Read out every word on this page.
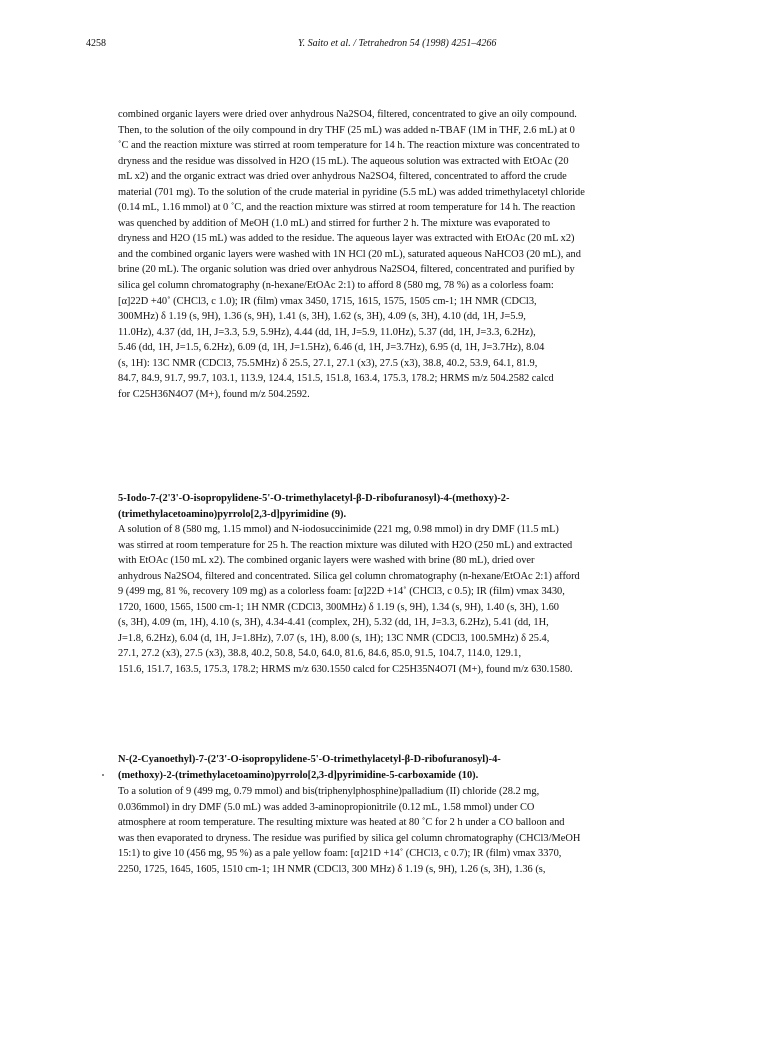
4258	Y. Saito et al. / Tetrahedron 54 (1998) 4251–4266
combined organic layers were dried over anhydrous Na2SO4, filtered, concentrated to give an oily compound.
Then, to the solution of the oily compound in dry THF (25 mL) was added n-TBAF (1M in THF, 2.6 mL) at 0
˚C and the reaction mixture was stirred at room temperature for 14 h. The reaction mixture was concentrated to
dryness and the residue was dissolved in H2O (15 mL). The aqueous solution was extracted with EtOAc (20
mL x2) and the organic extract was dried over anhydrous Na2SO4, filtered, concentrated to afford the crude
material (701 mg). To the solution of the crude material in pyridine (5.5 mL) was added trimethylacetyl chloride
(0.14 mL, 1.16 mmol) at 0 ˚C, and the reaction mixture was stirred at room temperature for 14 h. The reaction
was quenched by addition of MeOH (1.0 mL) and stirred for further 2 h. The mixture was evaporated to
dryness and H2O (15 mL) was added to the residue. The aqueous layer was extracted with EtOAc (20 mL x2)
and the combined organic layers were washed with 1N HCl (20 mL), saturated aqueous NaHCO3 (20 mL), and
brine (20 mL). The organic solution was dried over anhydrous Na2SO4, filtered, concentrated and purified by
silica gel column chromatography (n-hexane/EtOAc 2:1) to afford 8 (580 mg, 78 %) as a colorless foam:
[α]22D +40˚ (CHCl3, c 1.0); IR (film) νmax 3450, 1715, 1615, 1575, 1505 cm-1; 1H NMR (CDCl3,
300MHz) δ 1.19 (s, 9H), 1.36 (s, 9H), 1.41 (s, 3H), 1.62 (s, 3H), 4.09 (s, 3H), 4.10 (dd, 1H, J=5.9,
11.0Hz), 4.37 (dd, 1H, J=3.3, 5.9, 5.9Hz), 4.44 (dd, 1H, J=5.9, 11.0Hz), 5.37 (dd, 1H, J=3.3, 6.2Hz),
5.46 (dd, 1H, J=1.5, 6.2Hz), 6.09 (d, 1H, J=1.5Hz), 6.46 (d, 1H, J=3.7Hz), 6.95 (d, 1H, J=3.7Hz), 8.04
(s, 1H): 13C NMR (CDCl3, 75.5MHz) δ 25.5, 27.1, 27.1 (x3), 27.5 (x3), 38.8, 40.2, 53.9, 64.1, 81.9,
84.7, 84.9, 91.7, 99.7, 103.1, 113.9, 124.4, 151.5, 151.8, 163.4, 175.3, 178.2; HRMS m/z 504.2582 calcd
for C25H36N4O7 (M+), found m/z 504.2592.
5-Iodo-7-(2'3'-O-isopropylidene-5'-O-trimethylacetyl-β-D-ribofuranosyl)-4-(methoxy)-2-
(trimethylacetoamino)pyrrolo[2,3-d]pyrimidine (9).
A solution of 8 (580 mg, 1.15 mmol) and N-iodosuccinimide (221 mg, 0.98 mmol) in dry DMF (11.5 mL)
was stirred at room temperature for 25 h. The reaction mixture was diluted with H2O (250 mL) and extracted
with EtOAc (150 mL x2). The combined organic layers were washed with brine (80 mL), dried over
anhydrous Na2SO4, filtered and concentrated. Silica gel column chromatography (n-hexane/EtOAc 2:1) afford
9 (499 mg, 81 %, recovery 109 mg) as a colorless foam: [α]22D +14˚ (CHCl3, c 0.5); IR (film) νmax 3430,
1720, 1600, 1565, 1500 cm-1; 1H NMR (CDCl3, 300MHz) δ 1.19 (s, 9H), 1.34 (s, 9H), 1.40 (s, 3H), 1.60
(s, 3H), 4.09 (m, 1H), 4.10 (s, 3H), 4.34-4.41 (complex, 2H), 5.32 (dd, 1H, J=3.3, 6.2Hz), 5.41 (dd, 1H,
J=1.8, 6.2Hz), 6.04 (d, 1H, J=1.8Hz), 7.07 (s, 1H), 8.00 (s, 1H); 13C NMR (CDCl3, 100.5MHz) δ 25.4,
27.1, 27.2 (x3), 27.5 (x3), 38.8, 40.2, 50.8, 54.0, 64.0, 81.6, 84.6, 85.0, 91.5, 104.7, 114.0, 129.1,
151.6, 151.7, 163.5, 175.3, 178.2; HRMS m/z 630.1550 calcd for C25H35N4O7I (M+), found m/z 630.1580.
N-(2-Cyanoethyl)-7-(2'3'-O-isopropylidene-5'-O-trimethylacetyl-β-D-ribofuranosyl)-4-
(methoxy)-2-(trimethylacetoamino)pyrrolo[2,3-d]pyrimidine-5-carboxamide (10).
To a solution of 9 (499 mg, 0.79 mmol) and bis(triphenylphosphine)palladium (II) chloride (28.2 mg,
0.036mmol) in dry DMF (5.0 mL) was added 3-aminopropionitrile (0.12 mL, 1.58 mmol) under CO
atmosphere at room temperature. The resulting mixture was heated at 80 ˚C for 2 h under a CO balloon and
was then evaporated to dryness. The residue was purified by silica gel column chromatography (CHCl3/MeOH
15:1) to give 10 (456 mg, 95 %) as a pale yellow foam: [α]21D +14˚ (CHCl3, c 0.7); IR (film) νmax 3370,
2250, 1725, 1645, 1605, 1510 cm-1; 1H NMR (CDCl3, 300 MHz) δ 1.19 (s, 9H), 1.26 (s, 3H), 1.36 (s,
